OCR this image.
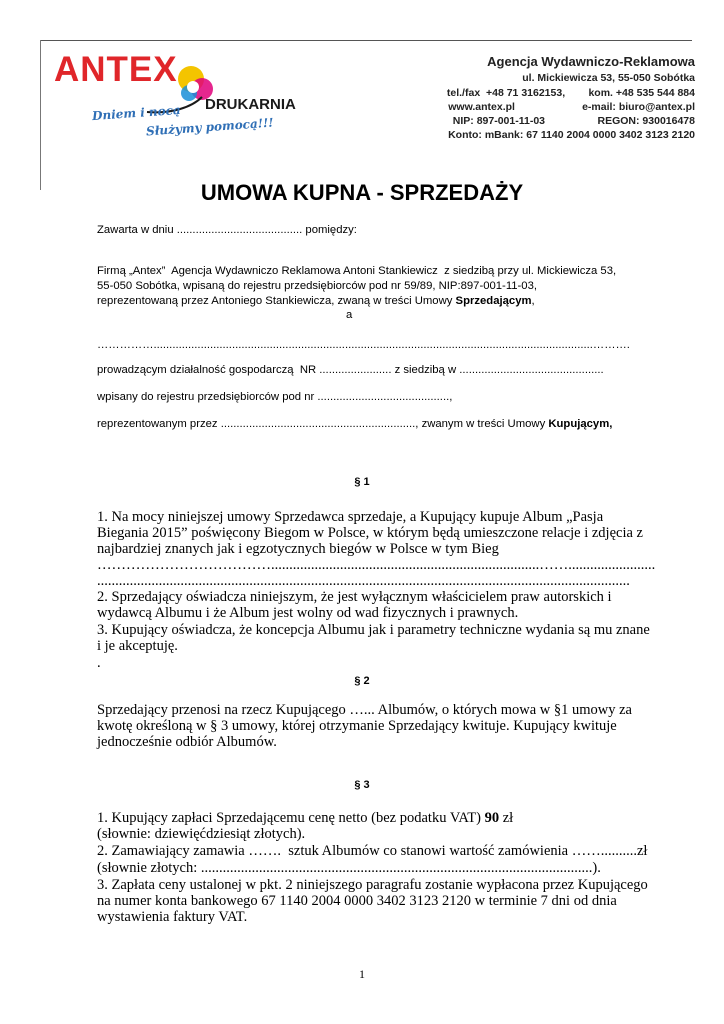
ANTEX
DRUKARNIA
Dniem i nocą
Służymy pomocą!!!
Agencja Wydawniczo-Reklamowa
ul. Mickiewicza 53, 55-050 Sobótka
tel./fax  +48 71 3162153,        kom. +48 535 544 884
www.antex.pl                       e-mail: biuro@antex.pl
NIP: 897-001-11-03                  REGON: 930016478
Konto: mBank: 67 1140 2004 0000 3402 3123 2120
UMOWA KUPNA - SPRZEDAŻY
Zawarta w dniu ........................................ pomiędzy:
Firmą „Antex”  Agencja Wydawniczo Reklamowa Antoni Stankiewicz  z siedzibą przy ul. Mickiewicza 53,
55-050 Sobótka, wpisaną do rejestru przedsiębiorców pod nr 59/89, NIP:897-001-11-03,
reprezentowaną przez Antoniego Stankiewicza, zwaną w treści Umowy Sprzedającym,
a
……………............................................................................................................................................……….
prowadzącym działalność gospodarczą  NR ....................... z siedzibą w ..............................................
wpisany do rejestru przedsiębiorców pod nr ..........................................,
reprezentowanym przez .............................................................., zwanym w treści Umowy Kupującym,
§ 1
1. Na mocy niniejszej umowy Sprzedawca sprzedaje, a Kupujący kupuje Album „Pasja Biegania 2015” poświęcony Biegom w Polsce, w którym będą umieszczone relacje i zdjęcia z najbardziej znanych jak i egzotycznych biegów w Polsce w tym Bieg
………………………………..........................................................................……........................
...................................................................................................................................................
2. Sprzedający oświadcza niniejszym, że jest wyłącznym właścicielem praw autorskich i wydawcą Albumu i że Album jest wolny od wad fizycznych i prawnych.
3. Kupujący oświadcza, że koncepcja Albumu jak i parametry techniczne wydania są mu znane i je akceptuję.
.
§ 2
Sprzedający przenosi na rzecz Kupującego …... Albumów, o których mowa w §1 umowy za kwotę określoną w § 3 umowy, której otrzymanie Sprzedający kwituje. Kupujący kwituje jednocześnie odbiór Albumów.
§ 3
1. Kupujący zapłaci Sprzedającemu cenę netto (bez podatku VAT) 90 zł
(słownie: dziewięćdziesiąt złotych).
2. Zamawiający zamawia …….  sztuk Albumów co stanowi wartość zamówienia ……..........zł
(słownie złotych: ............................................................................................................).
3. Zapłata ceny ustalonej w pkt. 2 niniejszego paragrafu zostanie wypłacona przez Kupującego na numer konta bankowego 67 1140 2004 0000 3402 3123 2120 w terminie 7 dni od dnia wystawienia faktury VAT.
1
